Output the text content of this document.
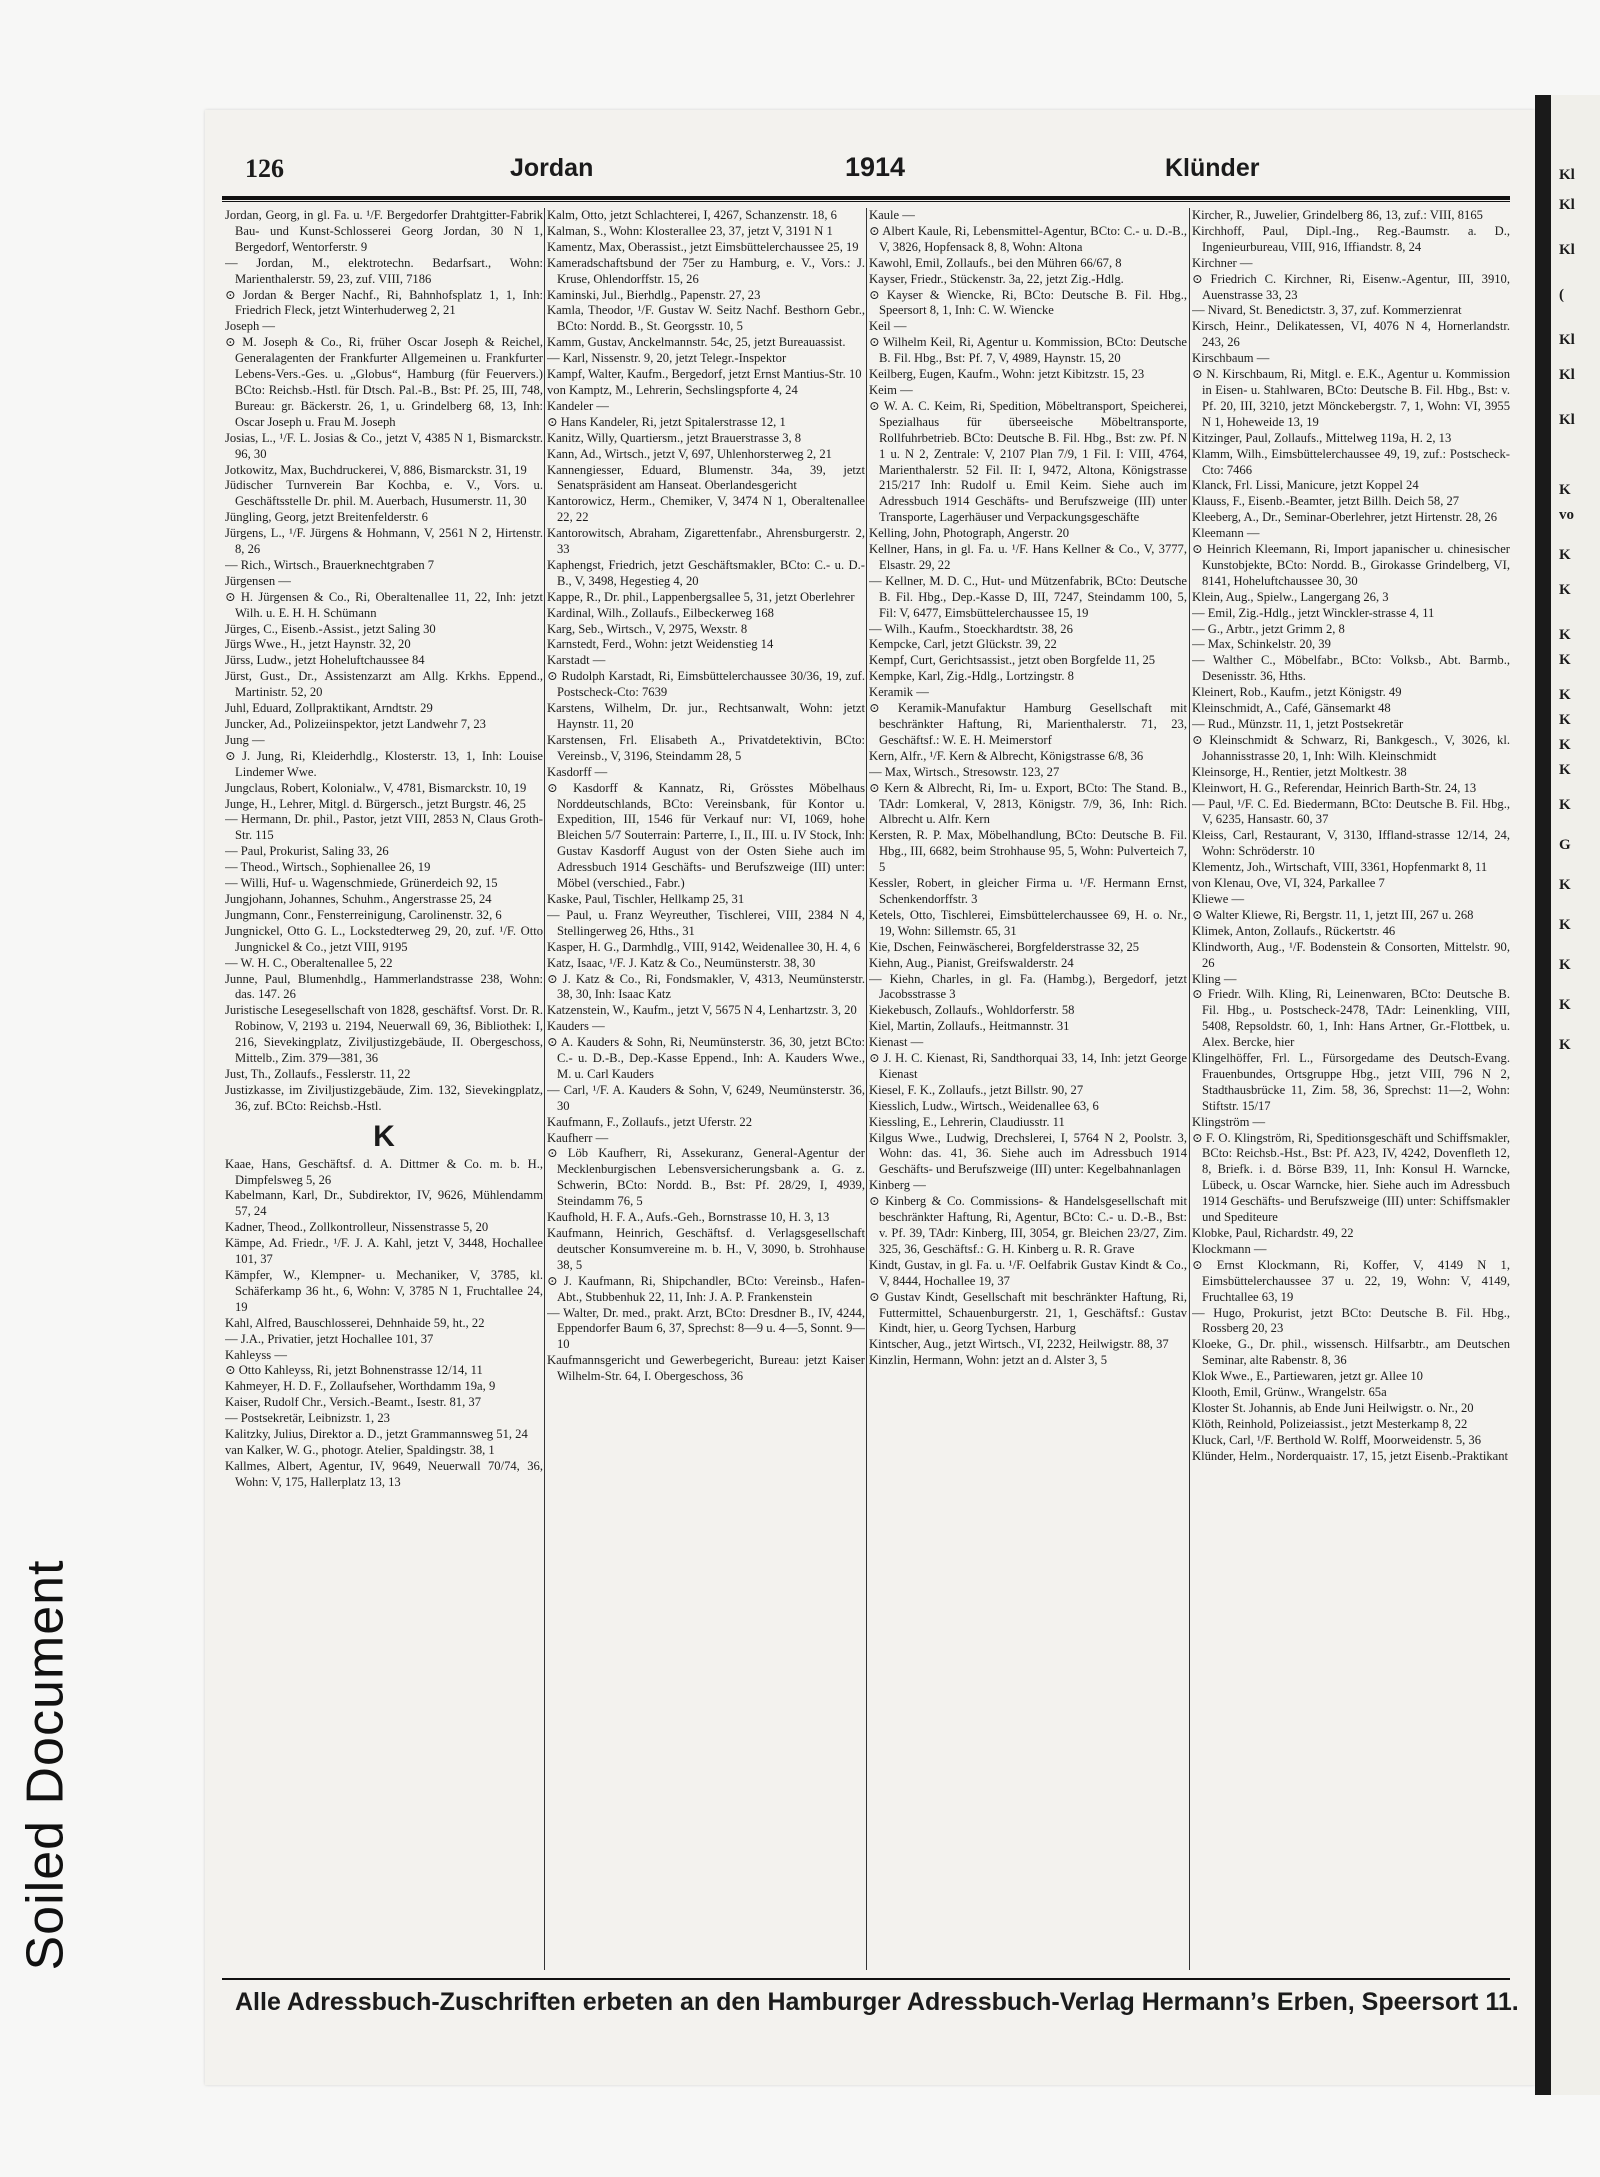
Soiled Document
Kl
Kl
Kl
(
Kl
Kl
Kl
K
vo
K
K
K
K
K
K
K
K
K
G
K
K
K
K
K
126	Jordan	1914	Klünder

Jordan, Georg, in gl. Fa. u. ¹/F. Bergedorfer Drahtgitter-Fabrik Bau- und Kunst-Schlosserei Georg Jordan, 30 N 1, Bergedorf, Wentorferstr. 9

— Jordan, M., elektrotechn. Bedarfsart., Wohn: Marienthalerstr. 59, 23, zuf. VIII, 7186

⊙ Jordan & Berger Nachf., Ri, Bahnhofsplatz 1, 1, Inh: Friedrich Fleck, jetzt Winterhuderweg 2, 21

Joseph —

⊙ M. Joseph & Co., Ri, früher Oscar Joseph & Reichel, Generalagenten der Frankfurter Allgemeinen u. Frankfurter Lebens-Vers.-Ges. u. „Globus“, Hamburg (für Feuervers.) BCto: Reichsb.-Hstl. für Dtsch. Pal.-B., Bst: Pf. 25, III, 748, Bureau: gr. Bäckerstr. 26, 1, u. Grindelberg 68, 13, Inh: Oscar Joseph u. Frau M. Joseph

Josias, L., ¹/F. L. Josias & Co., jetzt V, 4385 N 1, Bismarckstr. 96, 30

Jotkowitz, Max, Buchdruckerei, V, 886, Bismarckstr. 31, 19

Jüdischer Turnverein Bar Kochba, e. V., Vors. u. Geschäftsstelle Dr. phil. M. Auerbach, Husumerstr. 11, 30

Jüngling, Georg, jetzt Breitenfelderstr. 6

Jürgens, L., ¹/F. Jürgens & Hohmann, V, 2561 N 2, Hirtenstr. 8, 26

— Rich., Wirtsch., Brauerknechtgraben 7

Jürgensen —

⊙ H. Jürgensen & Co., Ri, Oberaltenallee 11, 22, Inh: jetzt Wilh. u. E. H. H. Schümann

Jürges, C., Eisenb.-Assist., jetzt Saling 30

Jürgs Wwe., H., jetzt Haynstr. 32, 20

Jürss, Ludw., jetzt Hoheluftchaussee 84

Jürst, Gust., Dr., Assistenzarzt am Allg. Krkhs. Eppend., Martinistr. 52, 20

Juhl, Eduard, Zollpraktikant, Arndtstr. 29

Juncker, Ad., Polizeiinspektor, jetzt Landwehr 7, 23

Jung —

⊙ J. Jung, Ri, Kleiderhdlg., Klosterstr. 13, 1, Inh: Louise Lindemer Wwe.

Jungclaus, Robert, Kolonialw., V, 4781, Bismarckstr. 10, 19

Junge, H., Lehrer, Mitgl. d. Bürgersch., jetzt Burgstr. 46, 25

— Hermann, Dr. phil., Pastor, jetzt VIII, 2853 N, Claus Groth-Str. 115

— Paul, Prokurist, Saling 33, 26

— Theod., Wirtsch., Sophienallee 26, 19

— Willi, Huf- u. Wagenschmiede, Grünerdeich 92, 15

Jungjohann, Johannes, Schuhm., Angerstrasse 25, 24

Jungmann, Conr., Fensterreinigung, Carolinenstr. 32, 6

Jungnickel, Otto G. L., Lockstedterweg 29, 20, zuf. ¹/F. Otto Jungnickel & Co., jetzt VIII, 9195

— W. H. C., Oberaltenallee 5, 22

Junne, Paul, Blumenhdlg., Hammerlandstrasse 238, Wohn: das. 147. 26

Juristische Lesegesellschaft von 1828, geschäftsf. Vorst. Dr. R. Robinow, V, 2193 u. 2194, Neuerwall 69, 36, Bibliothek: I, 216, Sievekingplatz, Ziviljustizgebäude, II. Obergeschoss, Mittelb., Zim. 379—381, 36

Just, Th., Zollaufs., Fesslerstr. 11, 22

Justizkasse, im Ziviljustizgebäude, Zim. 132, Sievekingplatz, 36, zuf. BCto: Reichsb.-Hstl.

K

Kaae, Hans, Geschäftsf. d. A. Dittmer & Co. m. b. H., Dimpfelsweg 5, 26

Kabelmann, Karl, Dr., Subdirektor, IV, 9626, Mühlendamm 57, 24

Kadner, Theod., Zollkontrolleur, Nissenstrasse 5, 20

Kämpe, Ad. Friedr., ¹/F. J. A. Kahl, jetzt V, 3448, Hochallee 101, 37

Kämpfer, W., Klempner- u. Mechaniker, V, 3785, kl. Schäferkamp 36 ht., 6, Wohn: V, 3785 N 1, Fruchtallee 24, 19

Kahl, Alfred, Bauschlosserei, Dehnhaide 59, ht., 22

— J.A., Privatier, jetzt Hochallee 101, 37

Kahleyss —

⊙ Otto Kahleyss, Ri, jetzt Bohnenstrasse 12/14, 11

Kahmeyer, H. D. F., Zollaufseher, Worthdamm 19a, 9

Kaiser, Rudolf Chr., Versich.-Beamt., Isestr. 81, 37

— Postsekretär, Leibnizstr. 1, 23

Kalitzky, Julius, Direktor a. D., jetzt Grammannsweg 51, 24

van Kalker, W. G., photogr. Atelier, Spaldingstr. 38, 1

Kallmes, Albert, Agentur, IV, 9649, Neuerwall 70/74, 36, Wohn: V, 175, Hallerplatz 13, 13

Kalm, Otto, jetzt Schlachterei, I, 4267, Schanzenstr. 18, 6

Kalman, S., Wohn: Klosterallee 23, 37, jetzt V, 3191 N 1

Kamentz, Max, Oberassist., jetzt Eimsbüttelerchaussee 25, 19

Kameradschaftsbund der 75er zu Hamburg, e. V., Vors.: J. Kruse, Ohlendorffstr. 15, 26

Kaminski, Jul., Bierhdlg., Papenstr. 27, 23

Kamla, Theodor, ¹/F. Gustav W. Seitz Nachf. Besthorn Gebr., BCto: Nordd. B., St. Georgsstr. 10, 5

Kamm, Gustav, Anckelmannstr. 54c, 25, jetzt Bureauassist.

— Karl, Nissenstr. 9, 20, jetzt Telegr.-Inspektor

Kampf, Walter, Kaufm., Bergedorf, jetzt Ernst Mantius-Str. 10

von Kamptz, M., Lehrerin, Sechslingspforte 4, 24

Kandeler —

⊙ Hans Kandeler, Ri, jetzt Spitalerstrasse 12, 1

Kanitz, Willy, Quartiersm., jetzt Brauerstrasse 3, 8

Kann, Ad., Wirtsch., jetzt V, 697, Uhlenhorsterweg 2, 21

Kannengiesser, Eduard, Blumenstr. 34a, 39, jetzt Senatspräsident am Hanseat. Oberlandesgericht

Kantorowicz, Herm., Chemiker, V, 3474 N 1, Oberaltenallee 22, 22

Kantorowitsch, Abraham, Zigarettenfabr., Ahrensburgerstr. 2, 33

Kaphengst, Friedrich, jetzt Geschäftsmakler, BCto: C.- u. D.-B., V, 3498, Hegestieg 4, 20

Kappe, R., Dr. phil., Lappenbergsallee 5, 31, jetzt Oberlehrer

Kardinal, Wilh., Zollaufs., Eilbeckerweg 168

Karg, Seb., Wirtsch., V, 2975, Wexstr. 8

Karnstedt, Ferd., Wohn: jetzt Weidenstieg 14

Karstadt —

⊙ Rudolph Karstadt, Ri, Eimsbüttelerchaussee 30/36, 19, zuf. Postscheck-Cto: 7639

Karstens, Wilhelm, Dr. jur., Rechtsanwalt, Wohn: jetzt Haynstr. 11, 20

Karstensen, Frl. Elisabeth A., Privatdetektivin, BCto: Vereinsb., V, 3196, Steindamm 28, 5

Kasdorff —

⊙ Kasdorff & Kannatz, Ri, Grösstes Möbelhaus Norddeutschlands, BCto: Vereinsbank, für Kontor u. Expedition, III, 1546 für Verkauf nur: VI, 1069, hohe Bleichen 5/7 Souterrain: Parterre, I., II., III. u. IV Stock, Inh: Gustav Kasdorff August von der Osten Siehe auch im Adressbuch 1914 Geschäfts- und Berufszweige (III) unter: Möbel (verschied., Fabr.)

Kaske, Paul, Tischler, Hellkamp 25, 31

— Paul, u. Franz Weyreuther, Tischlerei, VIII, 2384 N 4, Stellingerweg 26, Hths., 31

Kasper, H. G., Darmhdlg., VIII, 9142, Weidenallee 30, H. 4, 6

Katz, Isaac, ¹/F. J. Katz & Co., Neumünsterstr. 38, 30

⊙ J. Katz & Co., Ri, Fondsmakler, V, 4313, Neumünsterstr. 38, 30, Inh: Isaac Katz

Katzenstein, W., Kaufm., jetzt V, 5675 N 4, Lenhartzstr. 3, 20

Kauders —

⊙ A. Kauders & Sohn, Ri, Neumünsterstr. 36, 30, jetzt BCto: C.- u. D.-B., Dep.-Kasse Eppend., Inh: A. Kauders Wwe., M. u. Carl Kauders

— Carl, ¹/F. A. Kauders & Sohn, V, 6249, Neumünsterstr. 36, 30

Kaufmann, F., Zollaufs., jetzt Uferstr. 22

Kaufherr —

⊙ Löb Kaufherr, Ri, Assekuranz, General-Agentur der Mecklenburgischen Lebensversicherungsbank a. G. z. Schwerin, BCto: Nordd. B., Bst: Pf. 28/29, I, 4939, Steindamm 76, 5

Kaufhold, H. F. A., Aufs.-Geh., Bornstrasse 10, H. 3, 13

Kaufmann, Heinrich, Geschäftsf. d. Verlagsgesellschaft deutscher Konsumvereine m. b. H., V, 3090, b. Strohhause 38, 5

⊙ J. Kaufmann, Ri, Shipchandler, BCto: Vereinsb., Hafen-Abt., Stubbenhuk 22, 11, Inh: J. A. P. Frankenstein

— Walter, Dr. med., prakt. Arzt, BCto: Dresdner B., IV, 4244, Eppendorfer Baum 6, 37, Sprechst: 8—9 u. 4—5, Sonnt. 9—10

Kaufmannsgericht und Gewerbegericht, Bureau: jetzt Kaiser Wilhelm-Str. 64, I. Obergeschoss, 36

Kaule —

⊙ Albert Kaule, Ri, Lebensmittel-Agentur, BCto: C.- u. D.-B., V, 3826, Hopfensack 8, 8, Wohn: Altona

Kawohl, Emil, Zollaufs., bei den Mühren 66/67, 8

Kayser, Friedr., Stückenstr. 3a, 22, jetzt Zig.-Hdlg.

⊙ Kayser & Wiencke, Ri, BCto: Deutsche B. Fil. Hbg., Speersort 8, 1, Inh: C. W. Wiencke

Keil —

⊙ Wilhelm Keil, Ri, Agentur u. Kommission, BCto: Deutsche B. Fil. Hbg., Bst: Pf. 7, V, 4989, Haynstr. 15, 20

Keilberg, Eugen, Kaufm., Wohn: jetzt Kibitzstr. 15, 23

Keim —

⊙ W. A. C. Keim, Ri, Spedition, Möbeltransport, Speicherei, Spezialhaus für überseeische Möbeltransporte, Rollfuhrbetrieb. BCto: Deutsche B. Fil. Hbg., Bst: zw. Pf. N 1 u. N 2, Zentrale: V, 2107 Plan 7/9, 1 Fil. I: VIII, 4764, Marienthalerstr. 52 Fil. II: I, 9472, Altona, Königstrasse 215/217 Inh: Rudolf u. Emil Keim. Siehe auch im Adressbuch 1914 Geschäfts- und Berufszweige (III) unter Transporte, Lagerhäuser und Verpackungsgeschäfte

Kelling, John, Photograph, Angerstr. 20

Kellner, Hans, in gl. Fa. u. ¹/F. Hans Kellner & Co., V, 3777, Elsastr. 29, 22

— Kellner, M. D. C., Hut- und Mützenfabrik, BCto: Deutsche B. Fil. Hbg., Dep.-Kasse D, III, 7247, Steindamm 100, 5, Fil: V, 6477, Eimsbüttelerchaussee 15, 19

— Wilh., Kaufm., Stoeckhardtstr. 38, 26

Kempcke, Carl, jetzt Glückstr. 39, 22

Kempf, Curt, Gerichtsassist., jetzt oben Borgfelde 11, 25

Kempke, Karl, Zig.-Hdlg., Lortzingstr. 8

Keramik —

⊙ Keramik-Manufaktur Hamburg Gesellschaft mit beschränkter Haftung, Ri, Marienthalerstr. 71, 23, Geschäftsf.: W. E. H. Meimerstorf

Kern, Alfr., ¹/F. Kern & Albrecht, Königstrasse 6/8, 36

— Max, Wirtsch., Stresowstr. 123, 27

⊙ Kern & Albrecht, Ri, Im- u. Export, BCto: The Stand. B., TAdr: Lomkeral, V, 2813, Königstr. 7/9, 36, Inh: Rich. Albrecht u. Alfr. Kern

Kersten, R. P. Max, Möbelhandlung, BCto: Deutsche B. Fil. Hbg., III, 6682, beim Strohhause 95, 5, Wohn: Pulverteich 7, 5

Kessler, Robert, in gleicher Firma u. ¹/F. Hermann Ernst, Schenkendorffstr. 3

Ketels, Otto, Tischlerei, Eimsbüttelerchaussee 69, H. o. Nr., 19, Wohn: Sillemstr. 65, 31

Kie, Dschen, Feinwäscherei, Borgfelderstrasse 32, 25

Kiehn, Aug., Pianist, Greifswalderstr. 24

— Kiehn, Charles, in gl. Fa. (Hambg.), Bergedorf, jetzt Jacobsstrasse 3

Kiekebusch, Zollaufs., Wohldorferstr. 58

Kiel, Martin, Zollaufs., Heitmannstr. 31

Kienast —

⊙ J. H. C. Kienast, Ri, Sandthorquai 33, 14, Inh: jetzt George Kienast

Kiesel, F. K., Zollaufs., jetzt Billstr. 90, 27

Kiesslich, Ludw., Wirtsch., Weidenallee 63, 6

Kiessling, E., Lehrerin, Claudiusstr. 11

Kilgus Wwe., Ludwig, Drechslerei, I, 5764 N 2, Poolstr. 3, Wohn: das. 41, 36. Siehe auch im Adressbuch 1914 Geschäfts- und Berufszweige (III) unter: Kegelbahnanlagen

Kinberg —

⊙ Kinberg & Co. Commissions- & Handelsgesellschaft mit beschränkter Haftung, Ri, Agentur, BCto: C.- u. D.-B., Bst: v. Pf. 39, TAdr: Kinberg, III, 3054, gr. Bleichen 23/27, Zim. 325, 36, Geschäftsf.: G. H. Kinberg u. R. R. Grave

Kindt, Gustav, in gl. Fa. u. ¹/F. Oelfabrik Gustav Kindt & Co., V, 8444, Hochallee 19, 37

⊙ Gustav Kindt, Gesellschaft mit beschränkter Haftung, Ri, Futtermittel, Schauenburgerstr. 21, 1, Geschäftsf.: Gustav Kindt, hier, u. Georg Tychsen, Harburg

Kintscher, Aug., jetzt Wirtsch., VI, 2232, Heilwigstr. 88, 37

Kinzlin, Hermann, Wohn: jetzt an d. Alster 3, 5

Kircher, R., Juwelier, Grindelberg 86, 13, zuf.: VIII, 8165

Kirchhoff, Paul, Dipl.-Ing., Reg.-Baumstr. a. D., Ingenieurbureau, VIII, 916, Iffiandstr. 8, 24

Kirchner —

⊙ Friedrich C. Kirchner, Ri, Eisenw.-Agentur, III, 3910, Auenstrasse 33, 23

— Nivard, St. Benedictstr. 3, 37, zuf. Kommerzienrat

Kirsch, Heinr., Delikatessen, VI, 4076 N 4, Hornerlandstr. 243, 26

Kirschbaum —

⊙ N. Kirschbaum, Ri, Mitgl. e. E.K., Agentur u. Kommission in Eisen- u. Stahlwaren, BCto: Deutsche B. Fil. Hbg., Bst: v. Pf. 20, III, 3210, jetzt Mönckebergstr. 7, 1, Wohn: VI, 3955 N 1, Hoheweide 13, 19

Kitzinger, Paul, Zollaufs., Mittelweg 119a, H. 2, 13

Klamm, Wilh., Eimsbüttelerchaussee 49, 19, zuf.: Postscheck-Cto: 7466

Klanck, Frl. Lissi, Manicure, jetzt Koppel 24

Klauss, F., Eisenb.-Beamter, jetzt Billh. Deich 58, 27

Kleeberg, A., Dr., Seminar-Oberlehrer, jetzt Hirtenstr. 28, 26

Kleemann —

⊙ Heinrich Kleemann, Ri, Import japanischer u. chinesischer Kunstobjekte, BCto: Nordd. B., Girokasse Grindelberg, VI, 8141, Hoheluftchaussee 30, 30

Klein, Aug., Spielw., Langergang 26, 3

— Emil, Zig.-Hdlg., jetzt Winckler-strasse 4, 11

— G., Arbtr., jetzt Grimm 2, 8

— Max, Schinkelstr. 20, 39

— Walther C., Möbelfabr., BCto: Volksb., Abt. Barmb., Desenisstr. 36, Hths.

Kleinert, Rob., Kaufm., jetzt Königstr. 49

Kleinschmidt, A., Café, Gänsemarkt 48

— Rud., Münzstr. 11, 1, jetzt Postsekretär

⊙ Kleinschmidt & Schwarz, Ri, Bankgesch., V, 3026, kl. Johannisstrasse 20, 1, Inh: Wilh. Kleinschmidt

Kleinsorge, H., Rentier, jetzt Moltkestr. 38

Kleinwort, H. G., Referendar, Heinrich Barth-Str. 24, 13

— Paul, ¹/F. C. Ed. Biedermann, BCto: Deutsche B. Fil. Hbg., V, 6235, Hansastr. 60, 37

Kleiss, Carl, Restaurant, V, 3130, Iffland-strasse 12/14, 24, Wohn: Schröderstr. 10

Klementz, Joh., Wirtschaft, VIII, 3361, Hopfenmarkt 8, 11

von Klenau, Ove, VI, 324, Parkallee 7

Kliewe —

⊙ Walter Kliewe, Ri, Bergstr. 11, 1, jetzt III, 267 u. 268

Klimek, Anton, Zollaufs., Rückertstr. 46

Klindworth, Aug., ¹/F. Bodenstein & Consorten, Mittelstr. 90, 26

Kling —

⊙ Friedr. Wilh. Kling, Ri, Leinenwaren, BCto: Deutsche B. Fil. Hbg., u. Postscheck-2478, TAdr: Leinenkling, VIII, 5408, Repsoldstr. 60, 1, Inh: Hans Artner, Gr.-Flottbek, u. Alex. Bercke, hier

Klingelhöffer, Frl. L., Fürsorgedame des Deutsch-Evang. Frauenbundes, Ortsgruppe Hbg., jetzt VIII, 796 N 2, Stadthausbrücke 11, Zim. 58, 36, Sprechst: 11—2, Wohn: Stiftstr. 15/17

Klingström —

⊙ F. O. Klingström, Ri, Speditionsgeschäft und Schiffsmakler, BCto: Reichsb.-Hst., Bst: Pf. A23, IV, 4242, Dovenfleth 12, 8, Briefk. i. d. Börse B39, 11, Inh: Konsul H. Warncke, Lübeck, u. Oscar Warncke, hier. Siehe auch im Adressbuch 1914 Geschäfts- und Berufszweige (III) unter: Schiffsmakler und Spediteure

Klobke, Paul, Richardstr. 49, 22

Klockmann —

⊙ Ernst Klockmann, Ri, Koffer, V, 4149 N 1, Eimsbüttelerchaussee 37 u. 22, 19, Wohn: V, 4149, Fruchtallee 63, 19

— Hugo, Prokurist, jetzt BCto: Deutsche B. Fil. Hbg., Rossberg 20, 23

Kloeke, G., Dr. phil., wissensch. Hilfsarbtr., am Deutschen Seminar, alte Rabenstr. 8, 36

Klok Wwe., E., Partiewaren, jetzt gr. Allee 10

Klooth, Emil, Grünw., Wrangelstr. 65a

Kloster St. Johannis, ab Ende Juni Heilwigstr. o. Nr., 20

Klöth, Reinhold, Polizeiassist., jetzt Mesterkamp 8, 22

Kluck, Carl, ¹/F. Berthold W. Rolff, Moorweidenstr. 5, 36

Klünder, Helm., Norderquaistr. 17, 15, jetzt Eisenb.-Praktikant

Alle Adressbuch-Zuschriften erbeten an den Hamburger Adressbuch-Verlag Hermann’s Erben, Speersort 11.
